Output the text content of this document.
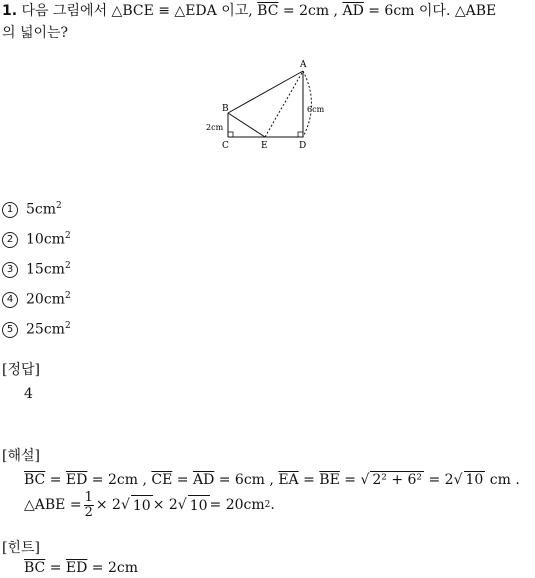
1. 다음 그림에서 △BCE ≡ △EDA 이고, $\overline{BC} = 2cm$ , $\overline{AD} = 6cm$ 이다. △ABE
의 넓이는?
A
B
C	D
E
2cm
6cm
1 $5cm^2$
2 $10cm^2$
3 $15cm^2$
4 $20cm^2$
5 $25cm^2$
[정답]
4
[해설]
$\overline{BC} = \overline{ED} = 2cm$ , $\overline{CE} = \overline{AD} = 6cm$ , $\overline{EA} = \overline{BE}$ = √ 2² + 6² = 2√ 10 cm .
△ABE = $\frac{1}{2} \times 2$ √ 10 × 2 √ 10 = 20cm 2 .
[힌트]
$\overline{BC} = \overline{ED} = 2cm$
